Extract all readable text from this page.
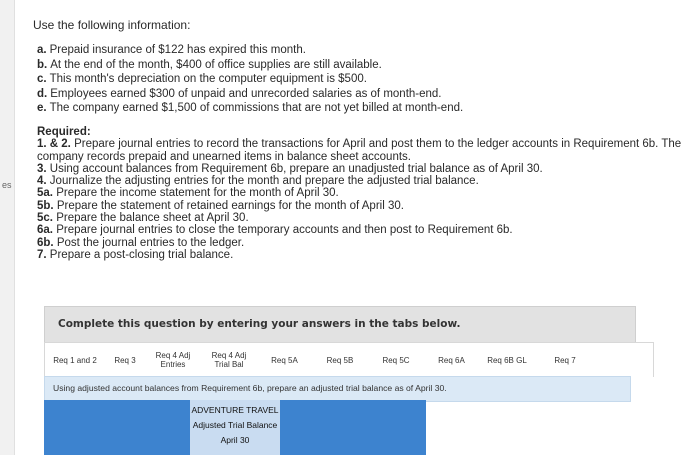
es
Use the following information:
a. Prepaid insurance of $122 has expired this month.
b. At the end of the month, $400 of office supplies are still available.
c. This month's depreciation on the computer equipment is $500.
d. Employees earned $300 of unpaid and unrecorded salaries as of month-end.
e. The company earned $1,500 of commissions that are not yet billed at month-end.
Required:
1. & 2. Prepare journal entries to record the transactions for April and post them to the ledger accounts in Requirement 6b. The
company records prepaid and unearned items in balance sheet accounts.
3. Using account balances from Requirement 6b, prepare an unadjusted trial balance as of April 30.
4. Journalize the adjusting entries for the month and prepare the adjusted trial balance.
5a. Prepare the income statement for the month of April 30.
5b. Prepare the statement of retained earnings for the month of April 30.
5c. Prepare the balance sheet at April 30.
6a. Prepare journal entries to close the temporary accounts and then post to Requirement 6b.
6b. Post the journal entries to the ledger.
7. Prepare a post-closing trial balance.
Complete this question by entering your answers in the tabs below.
Req 1 and 2 Req 3 Req 4 Adj
Entries
Req 4 Adj
Trial Bal	Req 5A	Req 5B	Req 5C	Req 6A	Req 6B GL	Req 7
Using adjusted account balances from Requirement 6b, prepare an adjusted trial balance as of April 30.
ADVENTURE TRAVEL
Adjusted Trial Balance
April 30
